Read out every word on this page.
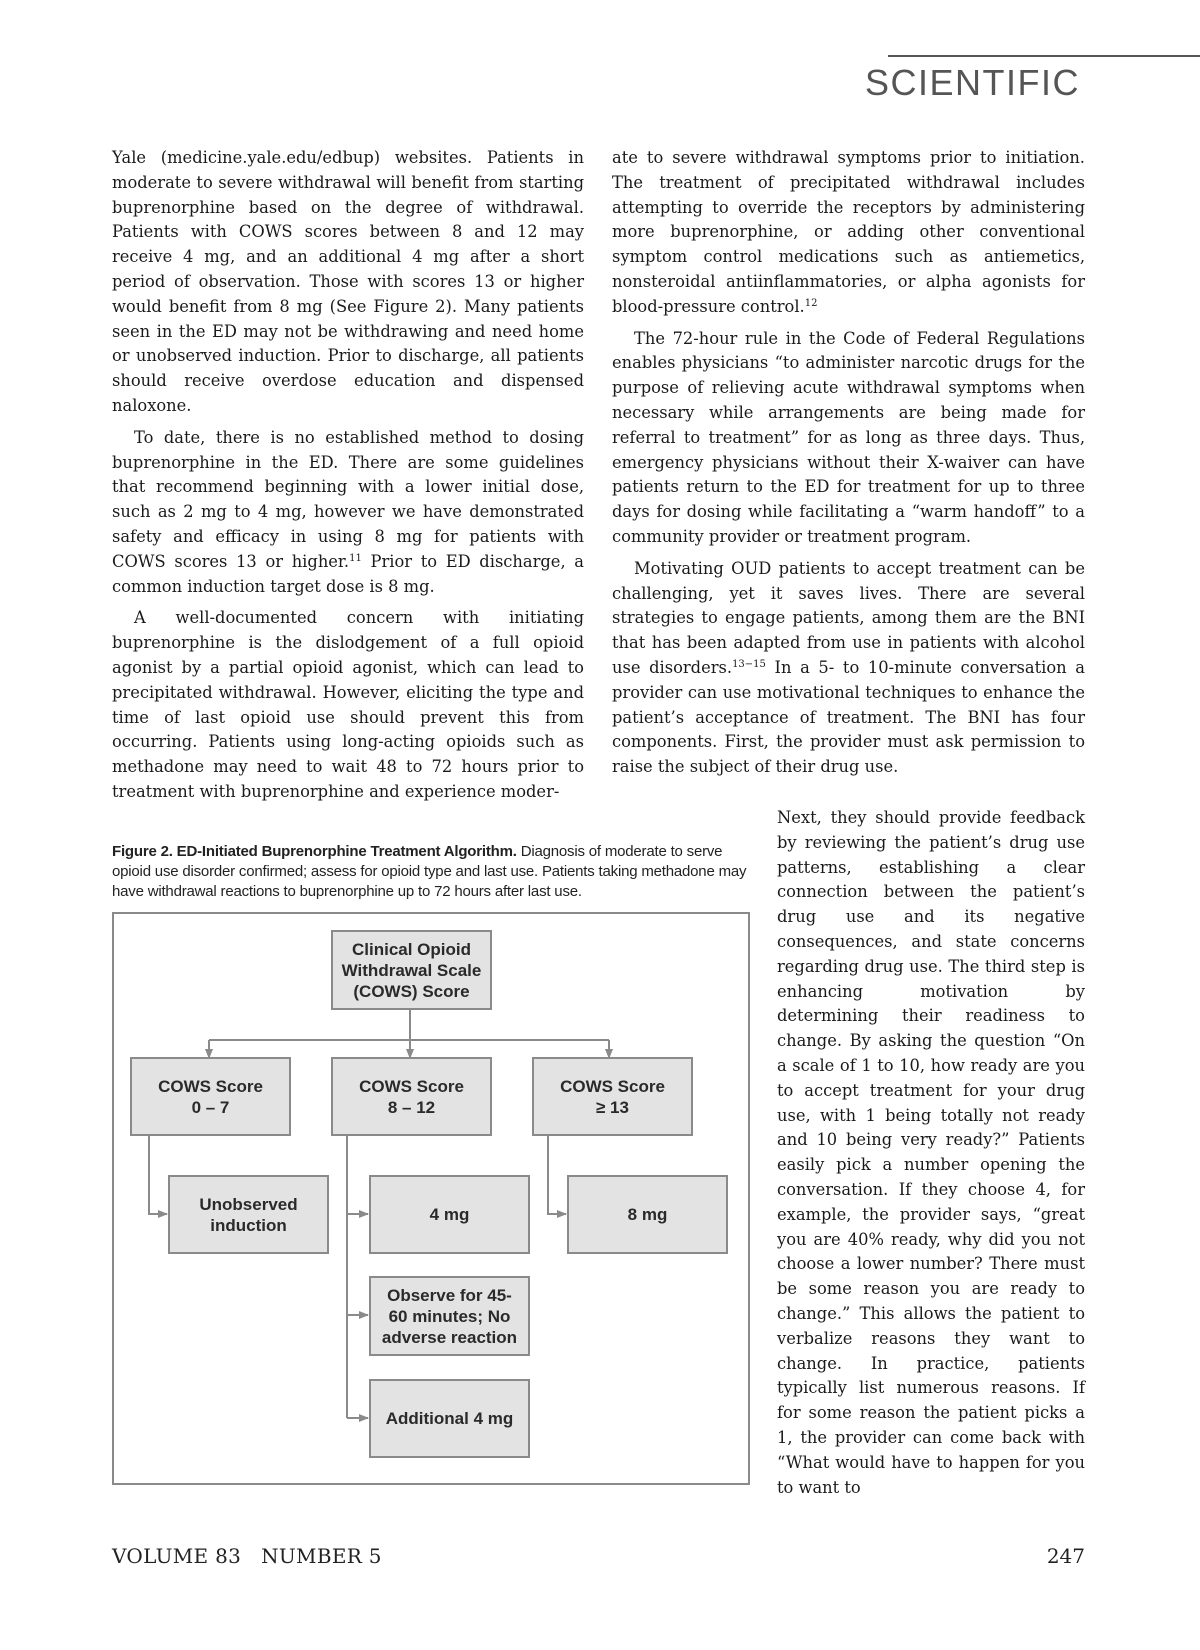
SCIENTIFIC

Yale (medicine.yale.edu/edbup) websites. Patients in moderate to severe withdrawal will benefit from starting buprenorphine based on the degree of withdrawal. Patients with COWS scores between 8 and 12 may receive 4 mg, and an additional 4 mg after a short period of observation. Those with scores 13 or higher would benefit from 8 mg (See Figure 2). Many patients seen in the ED may not be withdrawing and need home or unobserved induction. Prior to discharge, all patients should receive overdose education and dispensed naloxone.

To date, there is no established method to dosing buprenorphine in the ED. There are some guidelines that recommend beginning with a lower initial dose, such as 2 mg to 4 mg, however we have demonstrated safety and efficacy in using 8 mg for patients with COWS scores 13 or higher.$^{11}$ Prior to ED discharge, a common induction target dose is 8 mg.

A well-documented concern with initiating buprenorphine is the dislodgement of a full opioid agonist by a partial opioid agonist, which can lead to precipitated withdrawal. However, eliciting the type and time of last opioid use should prevent this from occurring. Patients using long-acting opioids such as methadone may need to wait 48 to 72 hours prior to treatment with buprenorphine and experience moder-

ate to severe withdrawal symptoms prior to initiation. The treatment of precipitated withdrawal includes attempting to override the receptors by administering more buprenorphine, or adding other conventional symptom control medications such as antiemetics, nonsteroidal antiinflammatories, or alpha agonists for blood-pressure control.$^{12}$

The 72-hour rule in the Code of Federal Regulations enables physicians “to administer narcotic drugs for the purpose of relieving acute withdrawal symptoms when necessary while arrangements are being made for referral to treatment” for as long as three days. Thus, emergency physicians without their X-waiver can have patients return to the ED for treatment for up to three days for dosing while facilitating a “warm handoff” to a community provider or treatment program.

Motivating OUD patients to accept treatment can be challenging, yet it saves lives. There are several strategies to engage patients, among them are the BNI that has been adapted from use in patients with alcohol use disorders.$^{13-15}$ In a 5- to 10-minute conversation a provider can use motivational techniques to enhance the patient’s acceptance of treatment. The BNI has four components. First, the provider must ask permission to raise the subject of their drug use.

Next, they should provide feedback by reviewing the patient’s drug use patterns, establishing a clear connection between the patient’s drug use and its negative consequences, and state concerns regarding drug use. The third step is enhancing motivation by determining their readiness to change. By asking the question “On a scale of 1 to 10, how ready are you to accept treatment for your drug use, with 1 being totally not ready and 10 being very ready?” Patients easily pick a number opening the conversation. If they choose 4, for example, the provider says, “great you are 40% ready, why did you not choose a lower number? There must be some reason you are ready to change.” This allows the patient to verbalize reasons they want to change. In practice, patients typically list numerous reasons. If for some reason the patient picks a 1, the provider can come back with “What would have to happen for you to want to

Figure 2. ED-Initiated Buprenorphine Treatment Algorithm. Diagnosis of moderate to serve opioid use disorder confirmed; assess for opioid type and last use. Patients taking methadone may have withdrawal reactions to buprenorphine up to 72 hours after last use.
Clinical Opioid
Withdrawal Scale
(COWS) Score
COWS Score
0 – 7
COWS Score
8 – 12
COWS Score
≥ 13
Unobserved
induction
4 mg
Observe for 45-
60 minutes; No
adverse reaction
Additional 4 mg
8 mg
VOLUME 83   NUMBER 5	247
